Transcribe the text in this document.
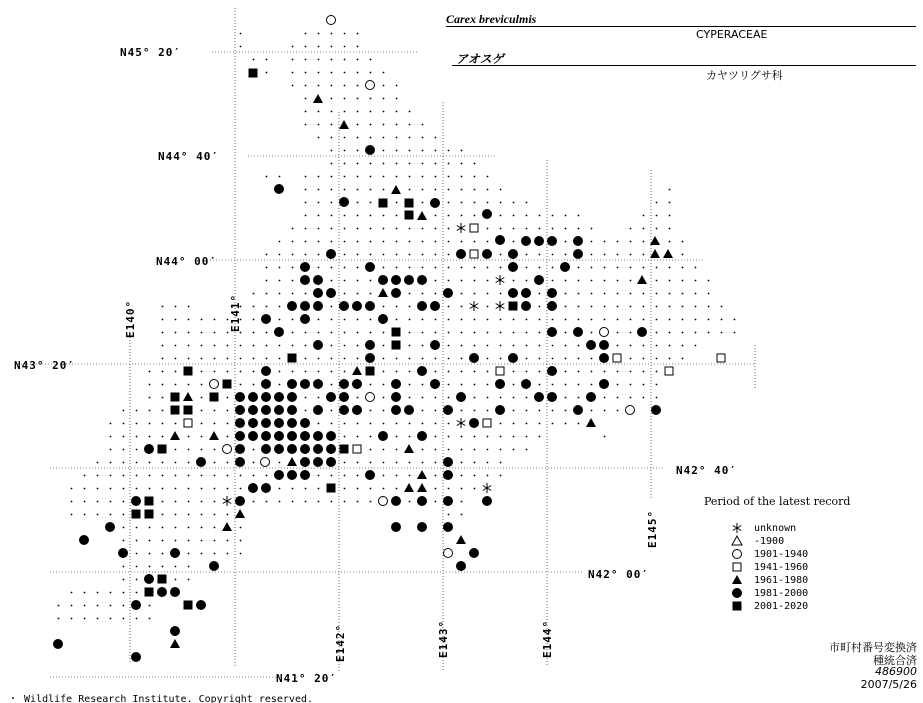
Carex breviculmis
CYPERACEAE
アオスゲ
カヤツリグサ科
N45° 20′
N44° 40′
N44° 00′
N43° 20′
N42° 40′
N42° 00′
N41° 20′
E140°	E141°
E142°	E143°	E144°
E145°
Period of the latest record
unknown
-1900
1901-1940
1941-1960
1961-1980
1981-2000
2001-2020
市町村番号変換済
種統合済
486900
2007/5/26
・ Wildlife Research Institute. Copyright reserved.
